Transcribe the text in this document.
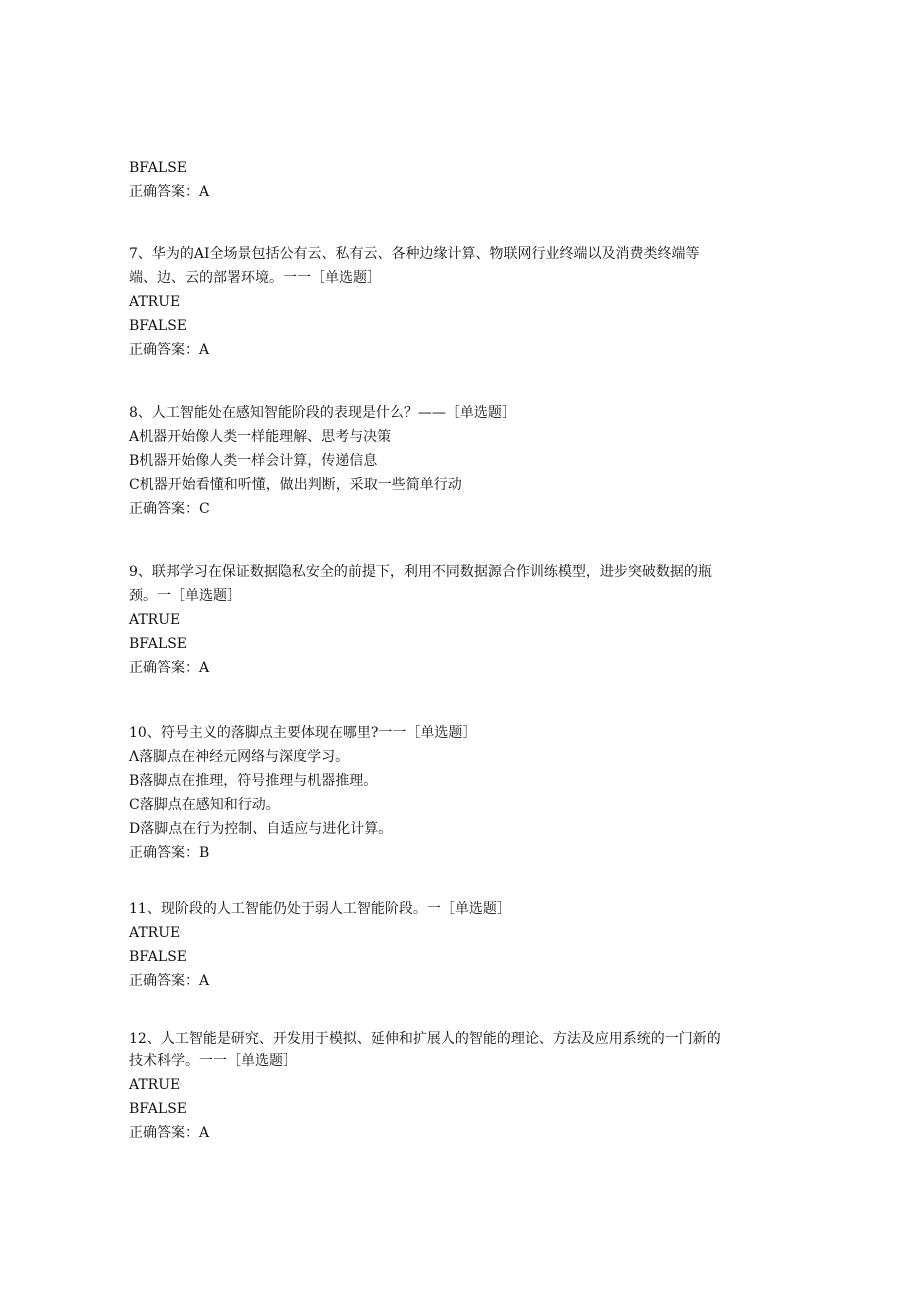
BFALSE
正确答案：A
7、华为的AI全场景包括公有云、私有云、各种边缘计算、物联网行业终端以及消费类终端等
端、边、云的部署环境。一一［单选题］
ATRUE
BFALSE
正确答案：A
8、人工智能处在感知智能阶段的表现是什么？——［单选题］
A机器开始像人类一样能理解、思考与决策
B机器开始像人类一样会计算，传递信息
C机器开始看懂和听懂，做出判断，采取一些简单行动
正确答案：C
9、联邦学习在保证数据隐私安全的前提下，利用不同数据源合作训练模型，进步突破数据的瓶
颈。一［单选题］
ATRUE
BFALSE
正确答案：A
10、符号主义的落脚点主要体现在哪里?一一［单选题］
Λ落脚点在神经元网络与深度学习。
B落脚点在推理，符号推理与机器推理。
C落脚点在感知和行动。
D落脚点在行为控制、自适应与进化计算。
正确答案：B
11、现阶段的人工智能仍处于弱人工智能阶段。一［单选题］
ATRUE
BFALSE
正确答案：A
12、人工智能是研究、开发用于模拟、延伸和扩展人的智能的理论、方法及应用系统的一门新的
技术科学。一一［单选题］
ATRUE
BFALSE
正确答案：A
